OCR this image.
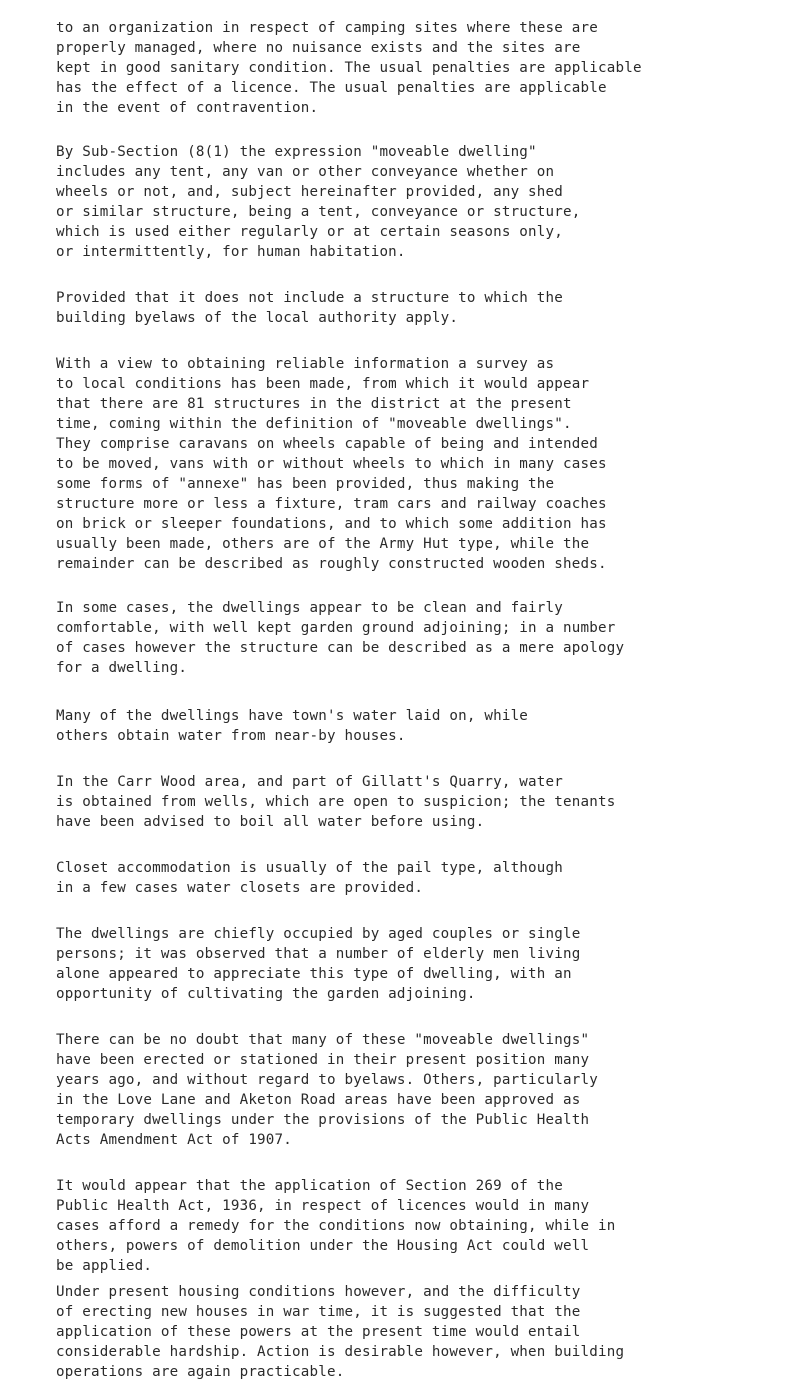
to an organization in respect of camping sites where these are
properly managed, where no nuisance exists and the sites are
kept in good sanitary condition. The usual penalties are applicable
has the effect of a licence. The usual penalties are applicable
in the event of contravention.

By Sub-Section (8(1) the expression "moveable dwelling"
includes any tent, any van or other conveyance whether on
wheels or not, and, subject hereinafter provided, any shed
or similar structure, being a tent, conveyance or structure,
which is used either regularly or at certain seasons only,
or intermittently, for human habitation.

Provided that it does not include a structure to which the
building byelaws of the local authority apply.

With a view to obtaining reliable information a survey as
to local conditions has been made, from which it would appear
that there are 81 structures in the district at the present
time, coming within the definition of "moveable dwellings".
They comprise caravans on wheels capable of being and intended
to be moved, vans with or without wheels to which in many cases
some forms of "annexe" has been provided, thus making the
structure more or less a fixture, tram cars and railway coaches
on brick or sleeper foundations, and to which some addition has
usually been made, others are of the Army Hut type, while the
remainder can be described as roughly constructed wooden sheds.

In some cases, the dwellings appear to be clean and fairly
comfortable, with well kept garden ground adjoining; in a number
of cases however the structure can be described as a mere apology
for a dwelling.

Many of the dwellings have town's water laid on, while
others obtain water from near-by houses.

In the Carr Wood area, and part of Gillatt's Quarry, water
is obtained from wells, which are open to suspicion; the tenants
have been advised to boil all water before using.

Closet accommodation is usually of the pail type, although
in a few cases water closets are provided.

The dwellings are chiefly occupied by aged couples or single
persons; it was observed that a number of elderly men living
alone appeared to appreciate this type of dwelling, with an
opportunity of cultivating the garden adjoining.

There can be no doubt that many of these "moveable dwellings"
have been erected or stationed in their present position many
years ago, and without regard to byelaws. Others, particularly
in the Love Lane and Aketon Road areas have been approved as
temporary dwellings under the provisions of the Public Health
Acts Amendment Act of 1907.

It would appear that the application of Section 269 of the
Public Health Act, 1936, in respect of licences would in many
cases afford a remedy for the conditions now obtaining, while in
others, powers of demolition under the Housing Act could well
be applied.

Under present housing conditions however, and the difficulty
of erecting new houses in war time, it is suggested that the
application of these powers at the present time would entail
considerable hardship. Action is desirable however, when building
operations are again practicable.
